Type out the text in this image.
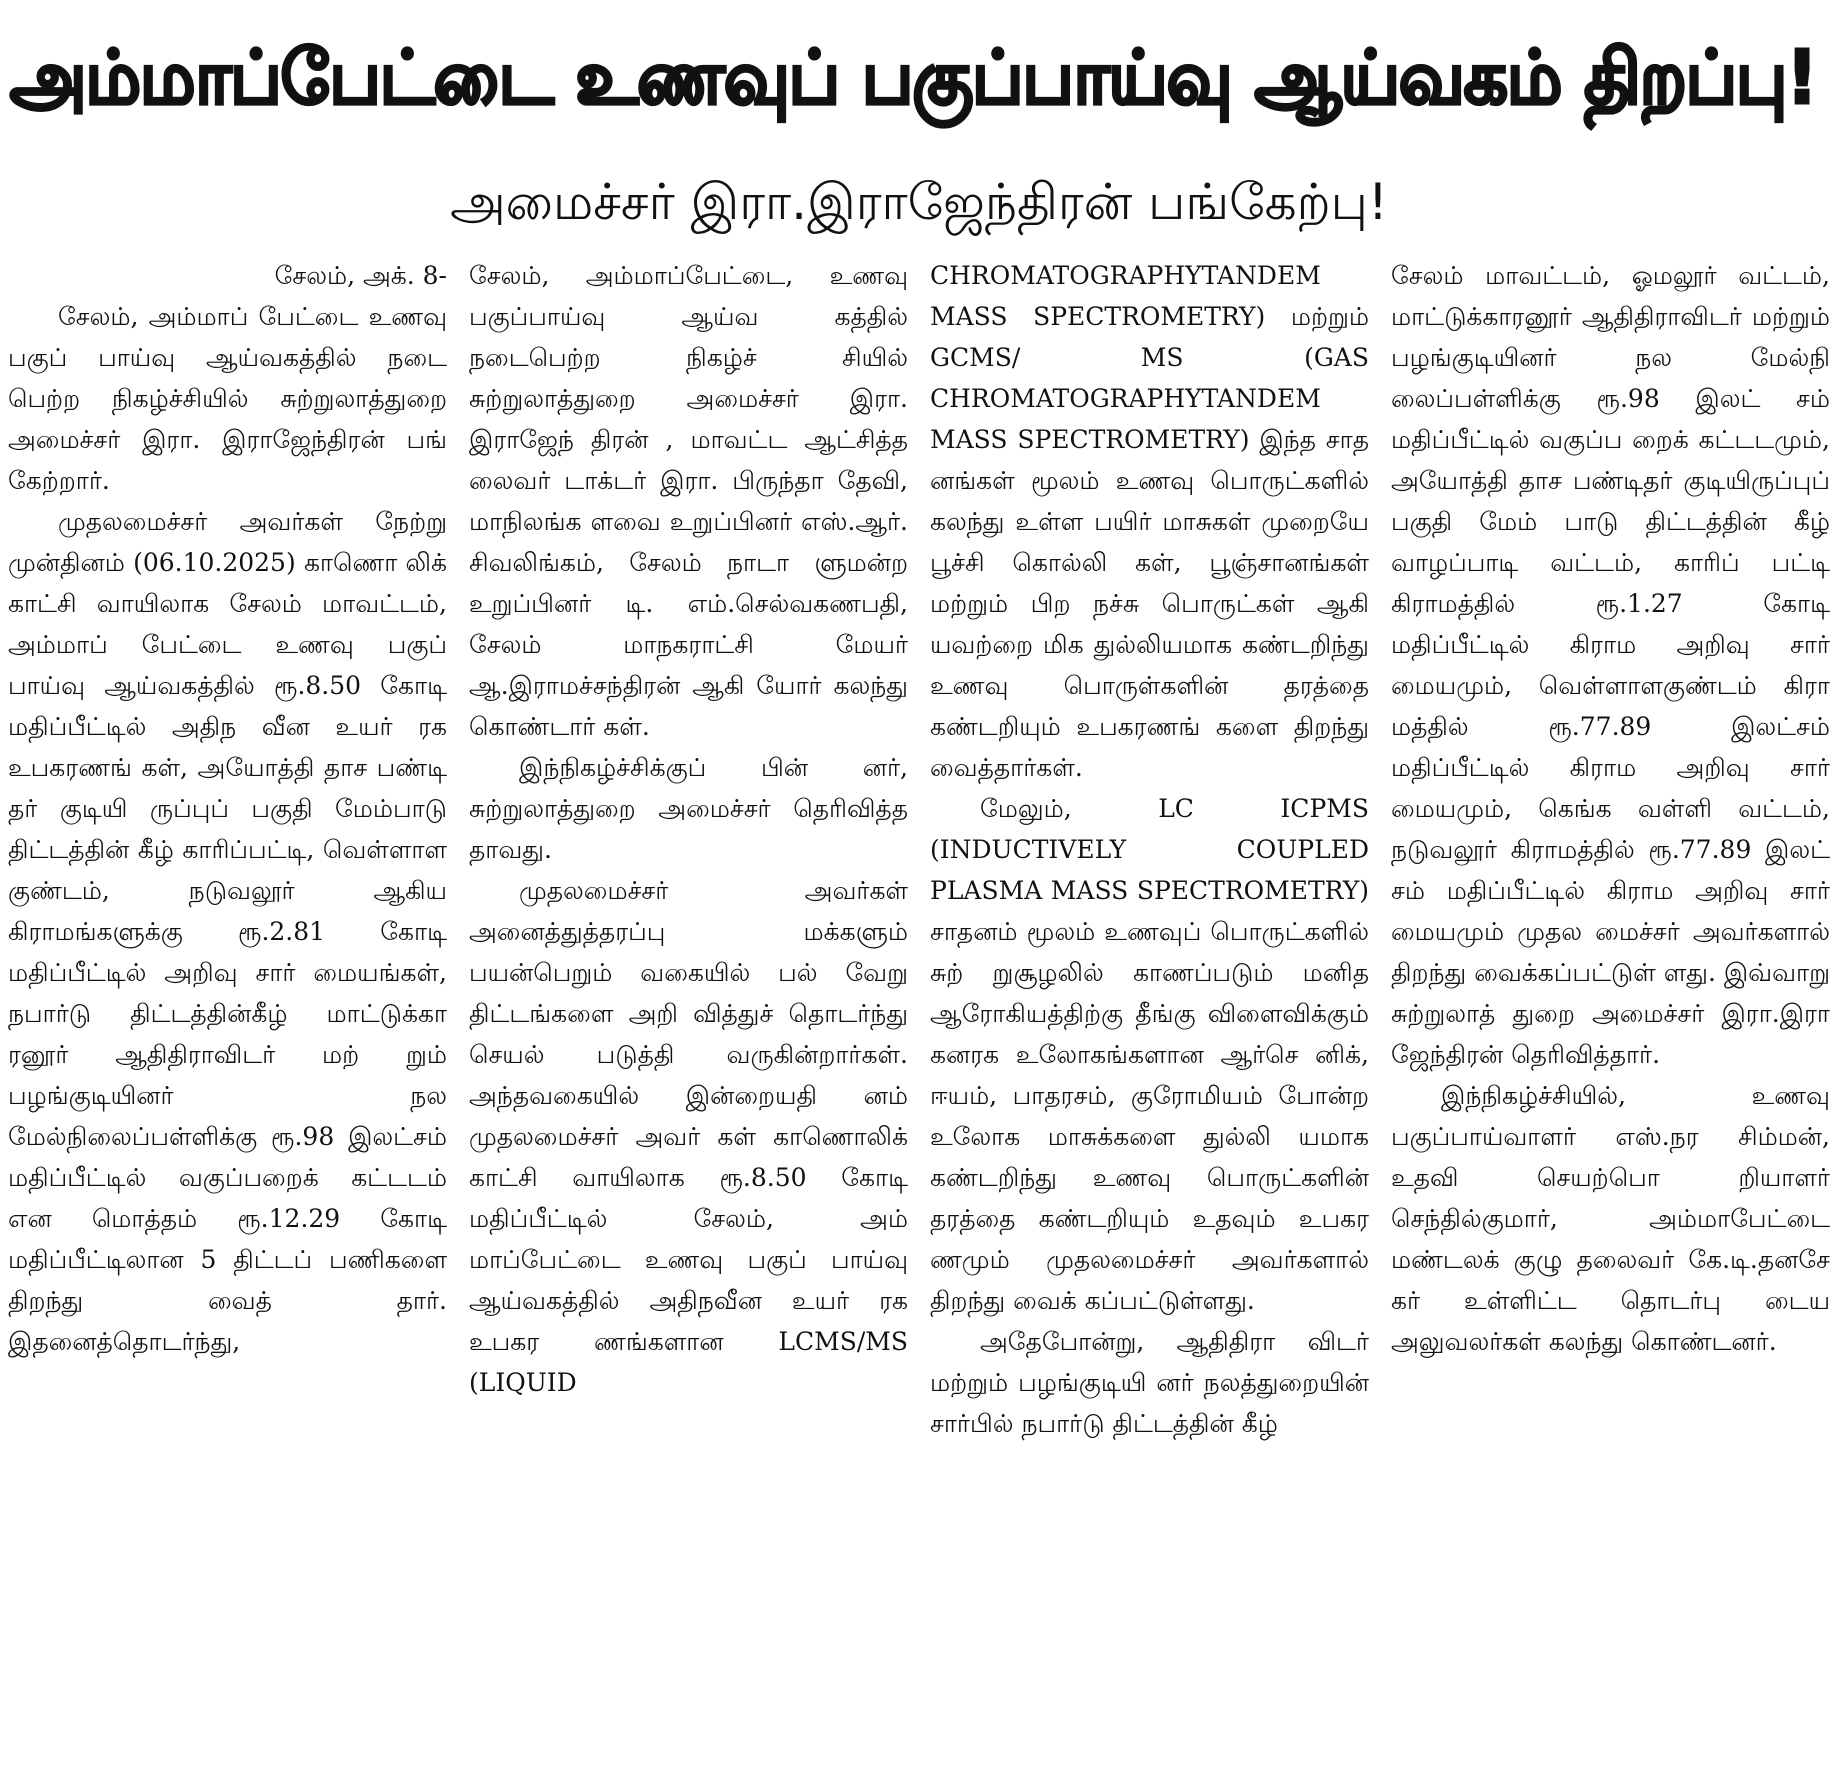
அம்மாப்பேட்டை உணவுப் பகுப்பாய்வு ஆய்வகம் திறப்பு!
அமைச்சர் இரா.இராஜேந்திரன் பங்கேற்பு!

சேலம், அக். 8-

சேலம், அம்மாப் பேட்டை உணவு பகுப் பாய்வு ஆய்வகத்தில் நடை பெற்ற நிகழ்ச்சியில் சுற்றுலாத்துறை அமைச்சர் இரா. இராஜேந்திரன் பங் கேற்றார்.

முதலமைச்சர் அவர்கள் நேற்று முன்தினம் (06.10.2025) காணொ லிக் காட்சி வாயிலாக சேலம் மாவட்டம், அம்மாப் பேட்டை உணவு பகுப் பாய்வு ஆய்வகத்தில் ரூ.8.50 கோடி மதிப்பீட்டில் அதிந வீன உயர் ரக உபகரணங் கள், அயோத்தி தாச பண்டி தர் குடியி ருப்புப் பகுதி மேம்பாடு திட்டத்தின் கீழ் காரிப்பட்டி, வெள்ளாள குண்டம், நடுவலூர் ஆகிய கிராமங்களுக்கு ரூ.2.81 கோடி மதிப்பீட்டில் அறிவு சார் மையங்கள், நபார்டு திட்டத்தின்கீழ் மாட்டுக்கா ரனூர் ஆதிதிராவிடர் மற் றும் பழங்குடியினர் நல மேல்நிலைப்பள்ளிக்கு ரூ.98 இலட்சம் மதிப்பீட்டில் வகுப்பறைக் கட்டடம் என மொத்தம் ரூ.12.29 கோடி மதிப்பீட்டிலான 5 திட்டப் பணிகளை திறந்து வைத் தார். இதனைத்தொடர்ந்து,

சேலம், அம்மாப்பேட்டை, உணவு பகுப்பாய்வு ஆய்வ கத்தில் நடைபெற்ற நிகழ்ச் சியில் சுற்றுலாத்துறை அமைச்சர் இரா. இராஜேந் திரன் , மாவட்ட ஆட்சித்த லைவர் டாக்டர் இரா. பிருந்தா தேவி, மாநிலங்க ளவை உறுப்பினர் எஸ்.ஆர். சிவலிங்கம், சேலம் நாடா ளுமன்ற உறுப்பினர் டி. எம்.செல்வகணபதி, சேலம் மாநகராட்சி மேயர் ஆ.இராமச்சந்திரன் ஆகி யோர் கலந்து கொண்டார் கள்.

இந்நிகழ்ச்சிக்குப் பின் னர், சுற்றுலாத்துறை அமைச்சர் தெரிவித்த தாவது.

முதலமைச்சர் அவர்கள் அனைத்துத்தரப்பு மக்களும் பயன்பெறும் வகையில் பல் வேறு திட்டங்களை அறி வித்துச் தொடர்ந்து செயல் படுத்தி வருகின்றார்கள். அந்தவகையில் இன்றையதி னம் முதலமைச்சர் அவர் கள் காணொலிக் காட்சி வாயிலாக ரூ.8.50 கோடி மதிப்பீட்டில் சேலம், அம் மாப்பேட்டை உணவு பகுப் பாய்வு ஆய்வகத்தில் அதிநவீன உயர் ரக உபகர ணங்களான LCMS/MS (LIQUID

CHROMATOGRAPHYTANDEM MASS SPECTROMETRY) மற்றும் GCMS/ MS (GAS CHROMATOGRAPHYTANDEM MASS SPECTROMETRY) இந்த சாத னங்கள் மூலம் உணவு பொருட்களில் கலந்து உள்ள பயிர் மாசுகள் முறையே பூச்சி கொல்லி கள், பூஞ்சானங்கள் மற்றும் பிற நச்சு பொருட்கள் ஆகி யவற்றை மிக துல்லியமாக கண்டறிந்து உணவு பொருள்களின் தரத்தை கண்டறியும் உபகரணங் களை திறந்து வைத்தார்கள்.

மேலும், LC ICPMS (INDUCTIVELY COUPLED PLASMA MASS SPECTROMETRY) சாதனம் மூலம் உணவுப் பொருட்களில் சுற் றுசூழலில் காணப்படும் மனித ஆரோகியத்திற்கு தீங்கு விளைவிக்கும் கனரக உலோகங்களான ஆர்செ னிக், ஈயம், பாதரசம், குரோமியம் போன்ற உலோக மாசுக்களை துல்லி யமாக கண்டறிந்து உணவு பொருட்களின் தரத்தை கண்டறியும் உதவும் உபகர ணமும் முதலமைச்சர் அவர்களால் திறந்து வைக் கப்பட்டுள்ளது.

அதேபோன்று, ஆதிதிரா விடர் மற்றும் பழங்குடியி னர் நலத்துறையின் சார்பில் நபார்டு திட்டத்தின் கீழ்

சேலம் மாவட்டம், ஓமலூர் வட்டம், மாட்டுக்காரனூர் ஆதிதிராவிடர் மற்றும் பழங்குடியினர் நல மேல்நி லைப்பள்ளிக்கு ரூ.98 இலட் சம் மதிப்பீட்டில் வகுப்ப றைக் கட்டடமும், அயோத்தி தாச பண்டிதர் குடியிருப்புப் பகுதி மேம் பாடு திட்டத்தின் கீழ் வாழப்பாடி வட்டம், காரிப் பட்டி கிராமத்தில் ரூ.1.27 கோடி மதிப்பீட்டில் கிராம அறிவு சார் மையமும், வெள்ளாளகுண்டம் கிரா மத்தில் ரூ.77.89 இலட்சம் மதிப்பீட்டில் கிராம அறிவு சார் மையமும், கெங்க வள்ளி வட்டம், நடுவலூர் கிராமத்தில் ரூ.77.89 இலட் சம் மதிப்பீட்டில் கிராம அறிவு சார் மையமும் முதல மைச்சர் அவர்களால் திறந்து வைக்கப்பட்டுள் ளது. இவ்வாறு சுற்றுலாத் துறை அமைச்சர் இரா.இரா ஜேந்திரன் தெரிவித்தார்.

இந்நிகழ்ச்சியில், உணவு பகுப்பாய்வாளர் எஸ்.நர சிம்மன், உதவி செயற்பொ றியாளர் செந்தில்குமார், அம்மாபேட்டை மண்டலக் குழு தலைவர் கே.டி.தனசே கர் உள்ளிட்ட தொடர்பு டைய அலுவலர்கள் கலந்து கொண்டனர்.
